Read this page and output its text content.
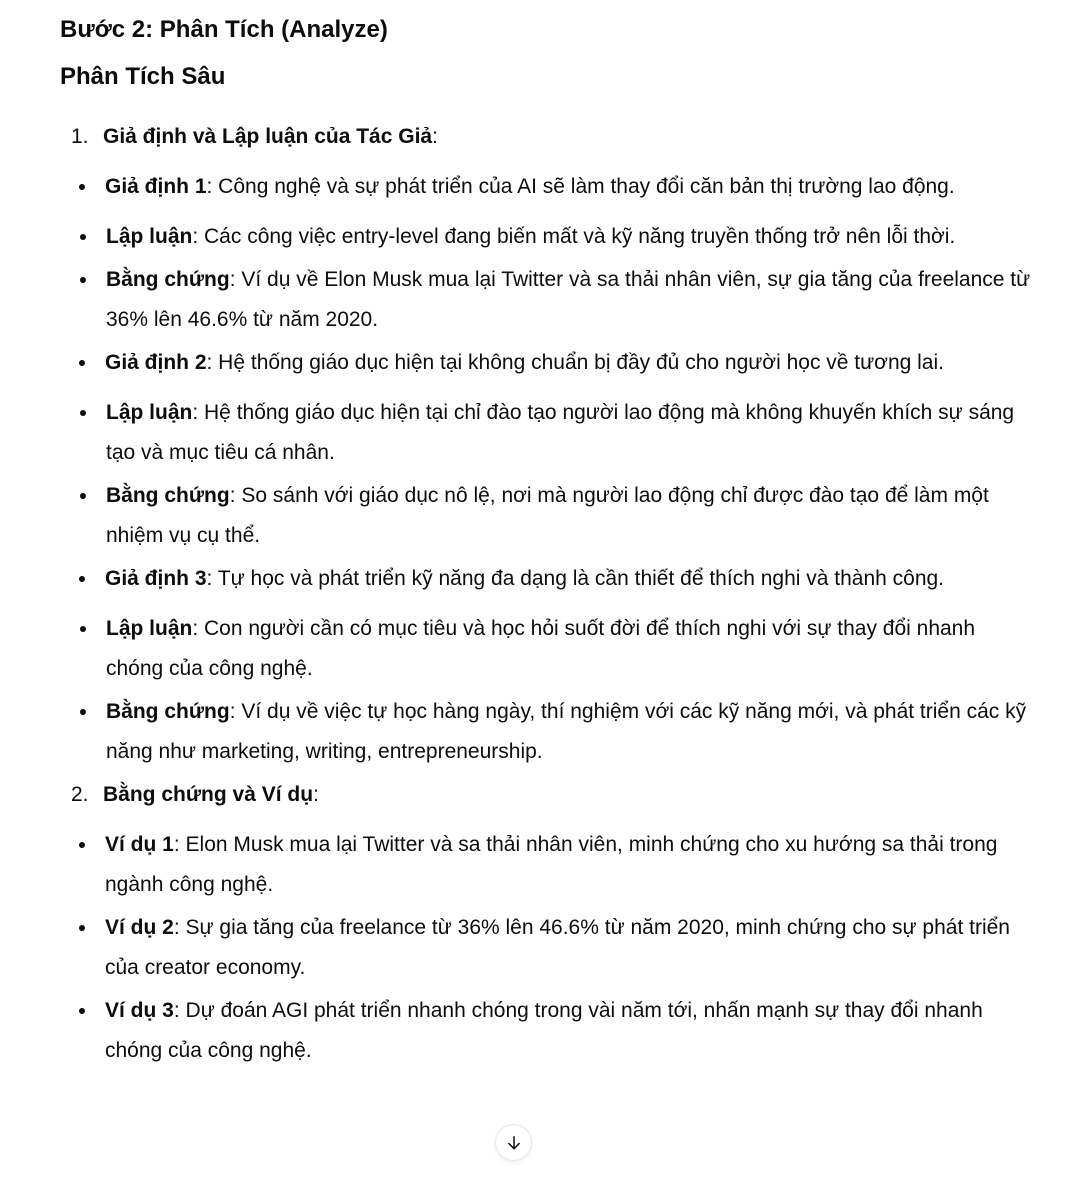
Bước 2: Phân Tích (Analyze)
Phân Tích Sâu
1. Giả định và Lập luận của Tác Giả:

Giả định 1: Công nghệ và sự phát triển của AI sẽ làm thay đổi căn bản thị trường lao động.

Lập luận: Các công việc entry-level đang biến mất và kỹ năng truyền thống trở nên lỗi thời.

Bằng chứng: Ví dụ về Elon Musk mua lại Twitter và sa thải nhân viên, sự gia tăng của freelance từ 36% lên 46.6% từ năm 2020.

Giả định 2: Hệ thống giáo dục hiện tại không chuẩn bị đầy đủ cho người học về tương lai.

Lập luận: Hệ thống giáo dục hiện tại chỉ đào tạo người lao động mà không khuyến khích sự sáng tạo và mục tiêu cá nhân.

Bằng chứng: So sánh với giáo dục nô lệ, nơi mà người lao động chỉ được đào tạo để làm một nhiệm vụ cụ thể.

Giả định 3: Tự học và phát triển kỹ năng đa dạng là cần thiết để thích nghi và thành công.

Lập luận: Con người cần có mục tiêu và học hỏi suốt đời để thích nghi với sự thay đổi nhanh chóng của công nghệ.

Bằng chứng: Ví dụ về việc tự học hàng ngày, thí nghiệm với các kỹ năng mới, và phát triển các kỹ năng như marketing, writing, entrepreneurship.

2. Bằng chứng và Ví dụ:

Ví dụ 1: Elon Musk mua lại Twitter và sa thải nhân viên, minh chứng cho xu hướng sa thải trong ngành công nghệ.

Ví dụ 2: Sự gia tăng của freelance từ 36% lên 46.6% từ năm 2020, minh chứng cho sự phát triển của creator economy.

Ví dụ 3: Dự đoán AGI phát triển nhanh chóng trong vài năm tới, nhấn mạnh sự thay đổi nhanh chóng của công nghệ.
